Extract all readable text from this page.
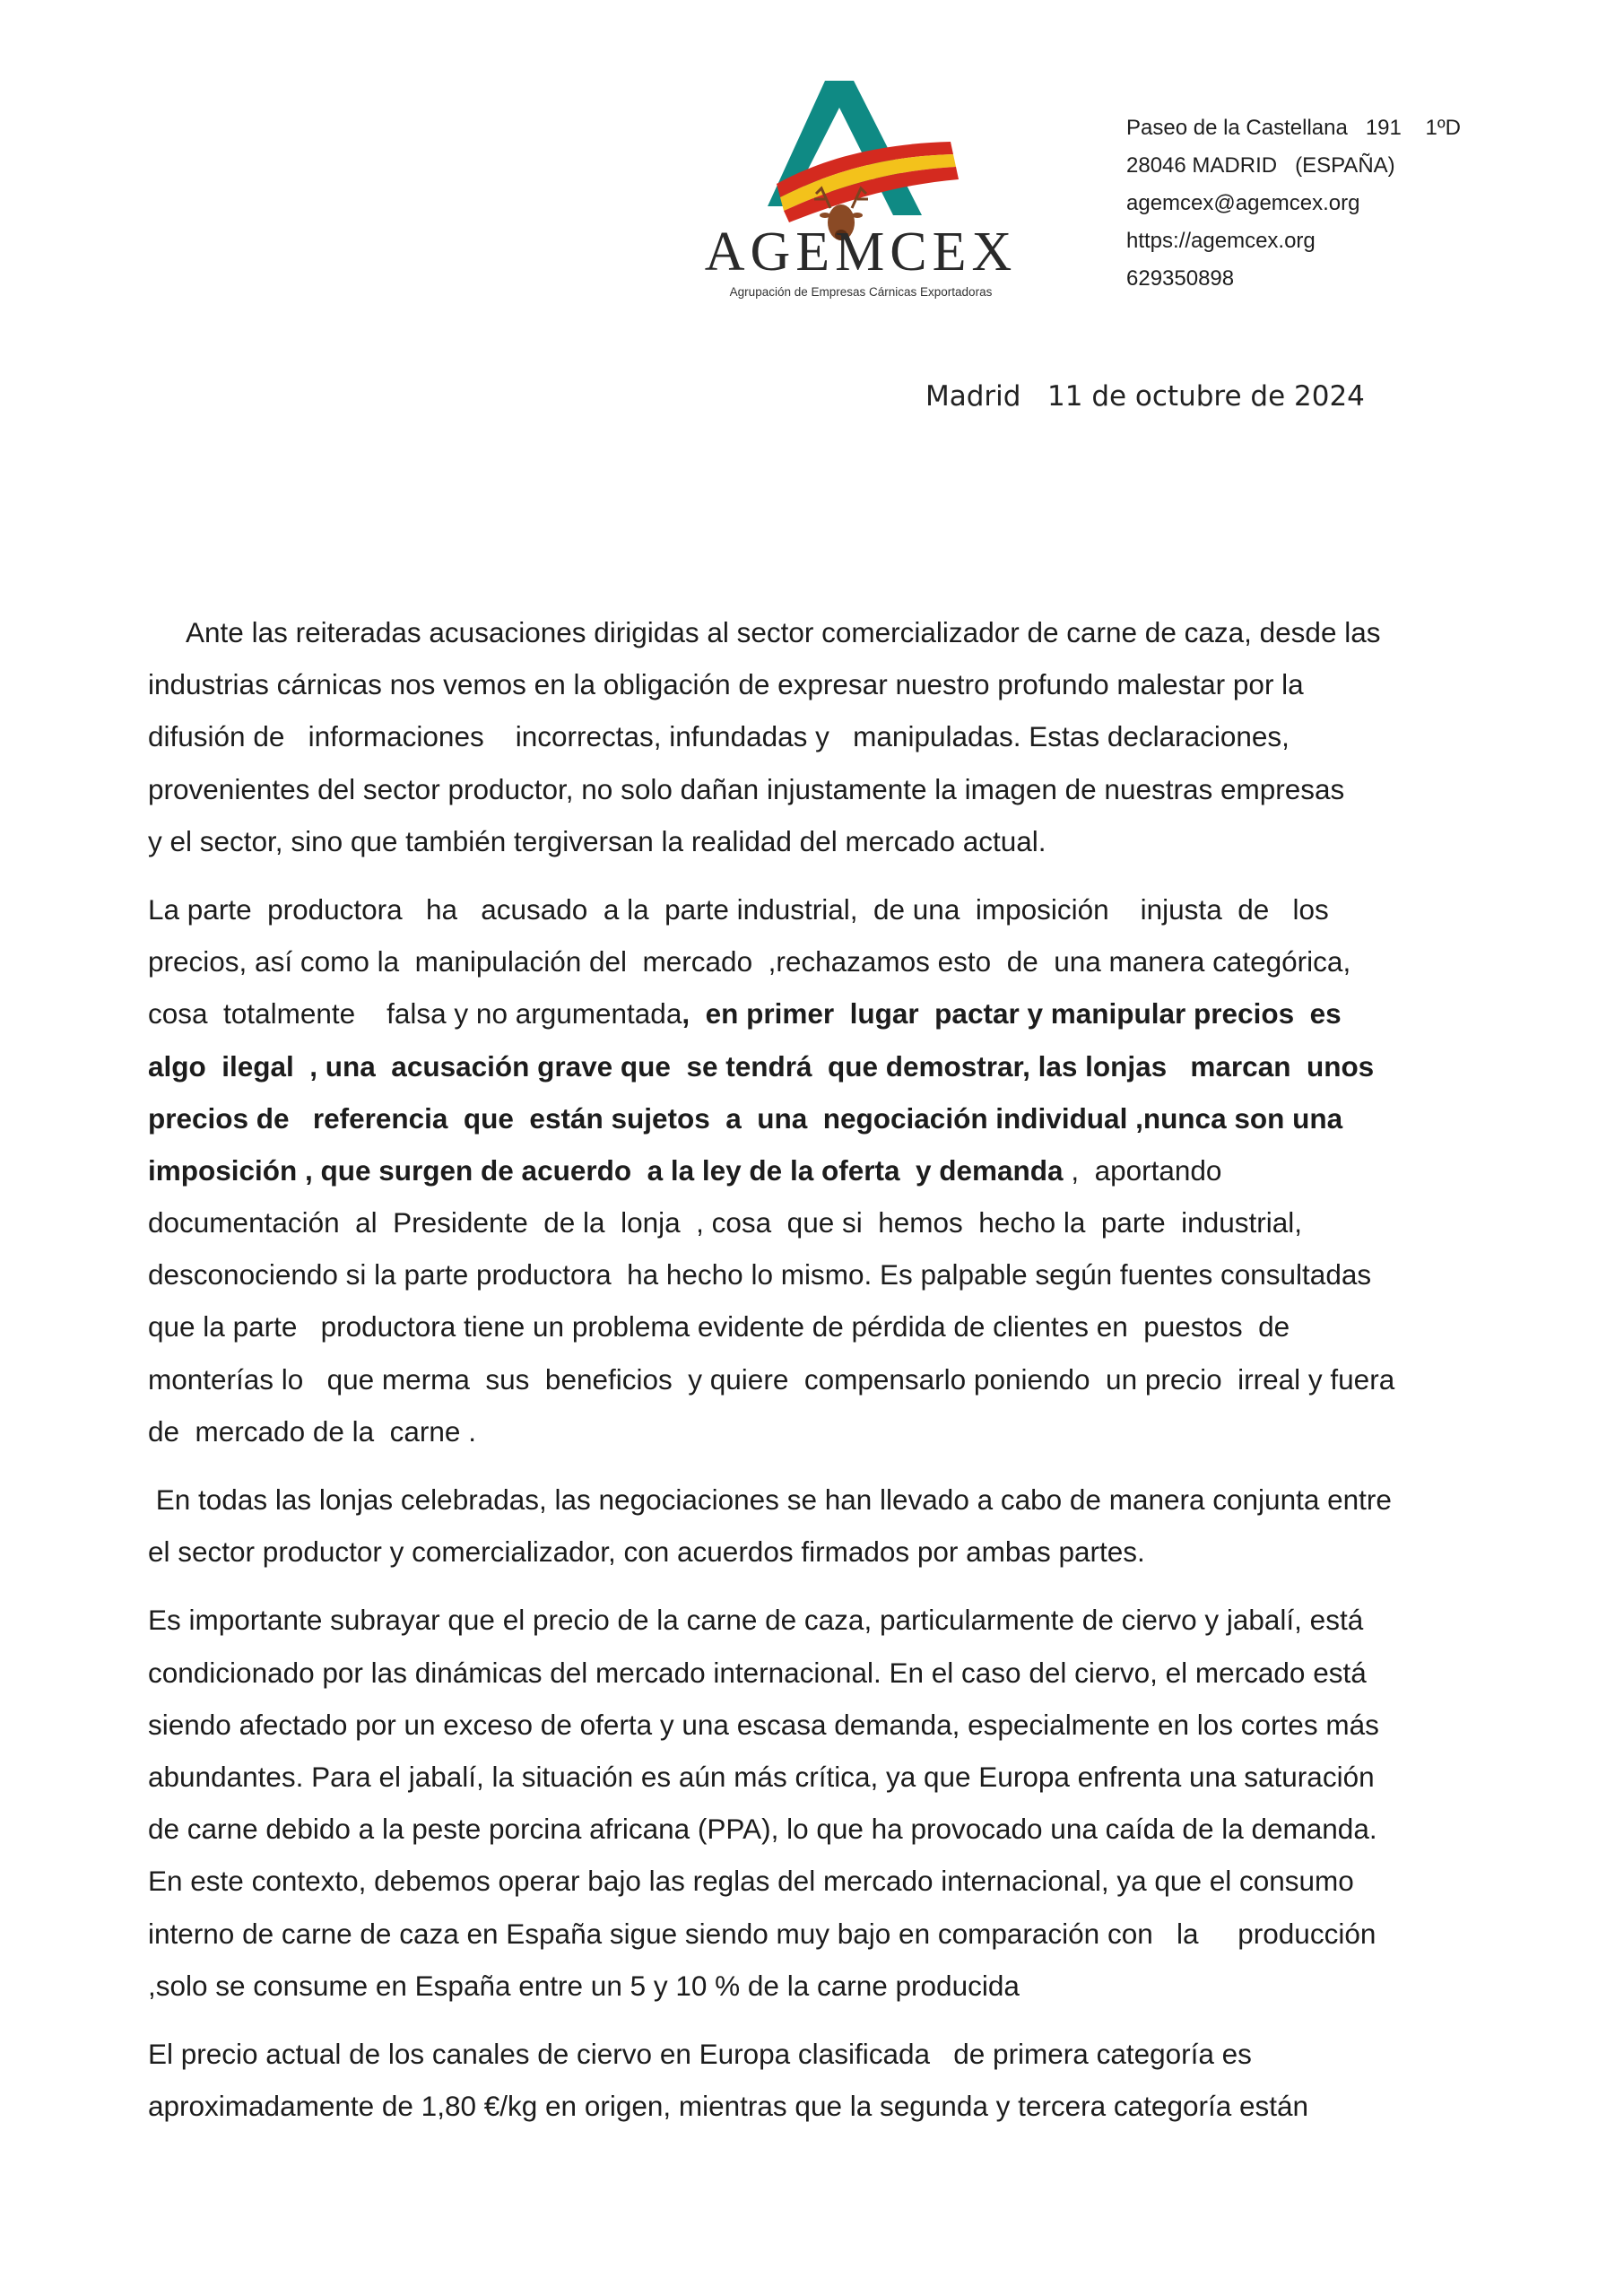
AGEMCEX
Agrupación de Empresas Cárnicas Exportadoras
Paseo de la Castellana   191    1ºD
28046 MADRID   (ESPAÑA)
agemcex@agemcex.org
https://agemcex.org
629350898
Madrid   11 de octubre de 2024
Ante las reiteradas acusaciones dirigidas al sector comercializador de carne de caza, desde las
industrias cárnicas nos vemos en la obligación de expresar nuestro profundo malestar por la
difusión de   informaciones    incorrectas, infundadas y   manipuladas. Estas declaraciones,
provenientes del sector productor, no solo dañan injustamente la imagen de nuestras empresas
y el sector, sino que también tergiversan la realidad del mercado actual.
La parte  productora   ha   acusado  a la  parte industrial,  de una  imposición    injusta  de   los
precios, así como la  manipulación del  mercado  ,rechazamos esto  de  una manera categórica,
cosa  totalmente    falsa y no argumentada,  en primer  lugar  pactar y manipular precios  es
algo  ilegal  , una  acusación grave que  se tendrá  que demostrar, las lonjas   marcan  unos
precios de   referencia  que  están sujetos  a  una  negociación individual ,nunca son una
imposición , que surgen de acuerdo  a la ley de la oferta  y demanda ,  aportando
documentación  al  Presidente  de la  lonja  , cosa  que si  hemos  hecho la  parte  industrial,
desconociendo si la parte productora  ha hecho lo mismo. Es palpable según fuentes consultadas
que la parte   productora tiene un problema evidente de pérdida de clientes en  puestos  de
monterías lo   que merma  sus  beneficios  y quiere  compensarlo poniendo  un precio  irreal y fuera
de  mercado de la  carne .
En todas las lonjas celebradas, las negociaciones se han llevado a cabo de manera conjunta entre
el sector productor y comercializador, con acuerdos firmados por ambas partes.
Es importante subrayar que el precio de la carne de caza, particularmente de ciervo y jabalí, está
condicionado por las dinámicas del mercado internacional. En el caso del ciervo, el mercado está
siendo afectado por un exceso de oferta y una escasa demanda, especialmente en los cortes más
abundantes. Para el jabalí, la situación es aún más crítica, ya que Europa enfrenta una saturación
de carne debido a la peste porcina africana (PPA), lo que ha provocado una caída de la demanda.
En este contexto, debemos operar bajo las reglas del mercado internacional, ya que el consumo
interno de carne de caza en España sigue siendo muy bajo en comparación con   la     producción
,solo se consume en España entre un 5 y 10 % de la carne producida
El precio actual de los canales de ciervo en Europa clasificada   de primera categoría es
aproximadamente de 1,80 €/kg en origen, mientras que la segunda y tercera categoría están
